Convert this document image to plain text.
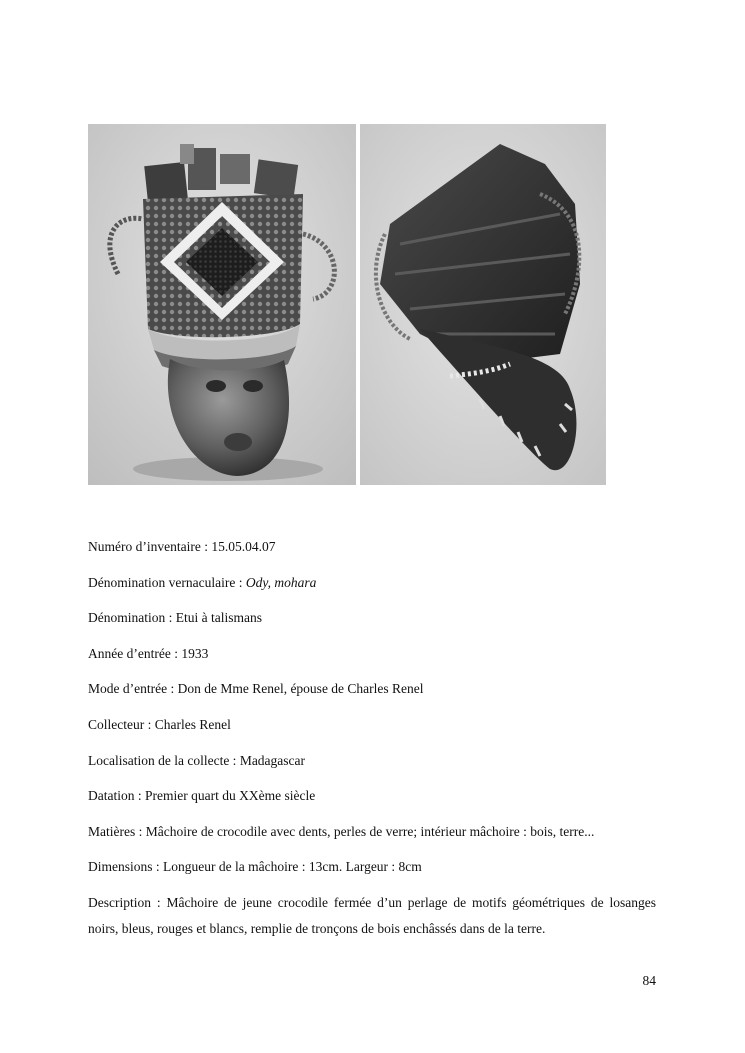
Numéro d’inventaire : 15.05.04.07
Dénomination vernaculaire : Ody, mohara
Dénomination : Etui à talismans
Année d’entrée : 1933
Mode d’entrée : Don de Mme Renel, épouse de Charles Renel
Collecteur : Charles Renel
Localisation de la collecte : Madagascar
Datation : Premier quart du XXème siècle
Matières : Mâchoire de crocodile avec dents, perles de verre; intérieur mâchoire : bois, terre...
Dimensions : Longueur de la mâchoire : 13cm. Largeur : 8cm
Description : Mâchoire de jeune crocodile fermée d’un perlage de motifs géométriques de losanges noirs, bleus, rouges et blancs, remplie de tronçons de bois enchâssés dans de la terre.
84
